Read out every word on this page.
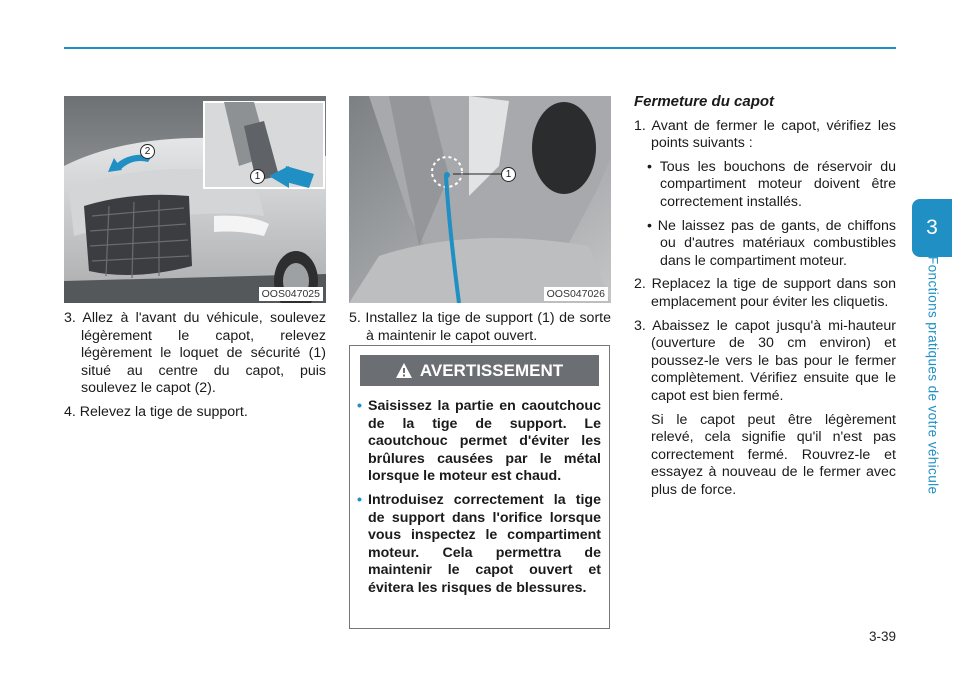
2
1
OOS047025
1
OOS047026

3. Allez à l'avant du véhicule, soulevez légèrement le capot, relevez légèrement le loquet de sécurité (1) situé au centre du capot, puis soulevez le capot (2).

4. Relevez la tige de support.

5. Installez la tige de support (1) de sorte à maintenir le capot ouvert.

AVERTISSEMENT
• Saisissez la partie en caoutchouc de la tige de support. Le caoutchouc permet d'éviter les brûlures causées par le métal lorsque le moteur est chaud.
• Introduisez correctement la tige de support dans l'orifice lorsque vous inspectez le compartiment moteur. Cela permettra de maintenir le capot ouvert et évitera les risques de blessures.

Fermeture du capot

1. Avant de fermer le capot, vérifiez les points suivants :

• Tous les bouchons de réservoir du compartiment moteur doivent être correctement installés.

• Ne laissez pas de gants, de chiffons ou d'autres matériaux combustibles dans le compartiment moteur.

2. Replacez la tige de support dans son emplacement pour éviter les cliquetis.

3. Abaissez le capot jusqu'à mi-hauteur (ouverture de 30 cm environ) et poussez-le vers le bas pour le fermer complètement. Vérifiez ensuite que le capot est bien fermé.

Si le capot peut être légèrement relevé, cela signifie qu'il n'est pas correctement fermé. Rouvrez-le et essayez à nouveau de le fermer avec plus de force.

3
Fonctions pratiques de votre véhicule
3-39
